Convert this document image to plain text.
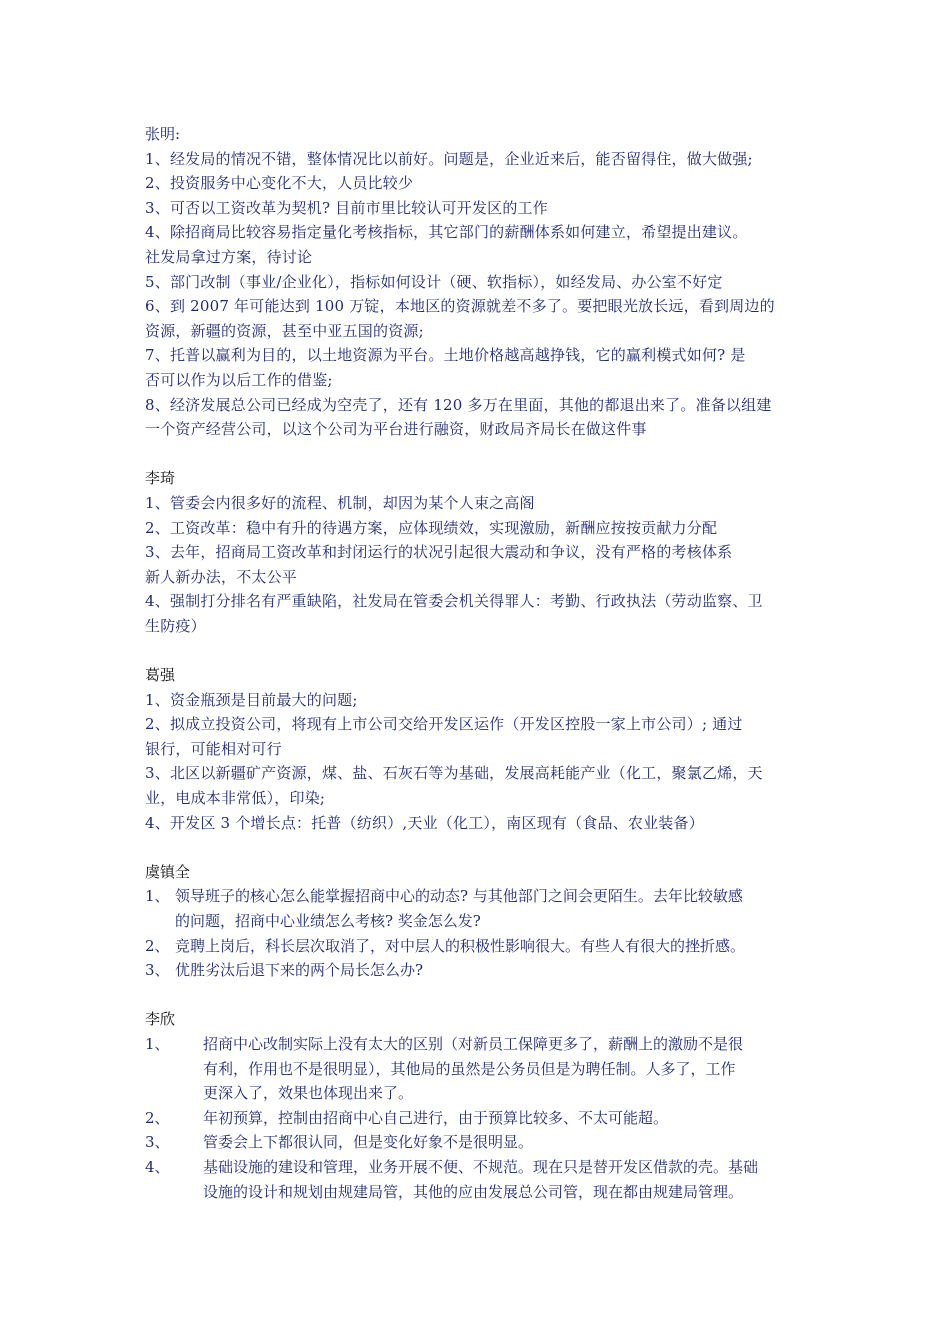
张明:
1、经发局的情况不错，整体情况比以前好。问题是，企业近来后，能否留得住，做大做强;
2、投资服务中心变化不大，人员比较少
3、可否以工资改革为契机? 目前市里比较认可开发区的工作
4、除招商局比较容易指定量化考核指标，其它部门的薪酬体系如何建立，希望提出建议。
社发局拿过方案，待讨论
5、部门改制（事业/企业化），指标如何设计（硬、软指标），如经发局、办公室不好定
6、到 2007 年可能达到 100 万锭，本地区的资源就差不多了。要把眼光放长远，看到周边的
资源，新疆的资源，甚至中亚五国的资源;
7、托普以赢利为目的，以土地资源为平台。土地价格越高越挣钱，它的赢利模式如何? 是
否可以作为以后工作的借鉴;
8、经济发展总公司已经成为空壳了，还有 120 多万在里面，其他的都退出来了。准备以组建
一个资产经营公司，以这个公司为平台进行融资，财政局齐局长在做这件事
李琦
1、管委会内很多好的流程、机制，却因为某个人束之高阁
2、工资改革：稳中有升的待遇方案，应体现绩效，实现激励，新酬应按按贡献力分配
3、去年，招商局工资改革和封闭运行的状况引起很大震动和争议，没有严格的考核体系
新人新办法，不太公平
4、强制打分排名有严重缺陷，社发局在管委会机关得罪人：考勤、行政执法（劳动监察、卫
生防疫）
葛强
1、资金瓶颈是目前最大的问题;
2、拟成立投资公司，将现有上市公司交给开发区运作（开发区控股一家上市公司）; 通过
银行，可能相对可行
3、北区以新疆矿产资源，煤、盐、石灰石等为基础，发展高耗能产业（化工，聚氯乙烯，天
业，电成本非常低），印染;
4、开发区 3 个增长点：托普（纺织）,天业（化工），南区现有（食品、农业装备）
虞镇全
1、 领导班子的核心怎么能掌握招商中心的动态? 与其他部门之间会更陌生。去年比较敏感
的问题，招商中心业绩怎么考核? 奖金怎么发?
2、 竞聘上岗后，科长层次取消了，对中层人的积极性影响很大。有些人有很大的挫折感。
3、 优胜劣汰后退下来的两个局长怎么办?
李欣
1、	招商中心改制实际上没有太大的区别（对新员工保障更多了，薪酬上的激励不是很
有利，作用也不是很明显），其他局的虽然是公务员但是为聘任制。人多了，工作
更深入了，效果也体现出来了。
2、	年初预算，控制由招商中心自己进行，由于预算比较多、不太可能超。
3、	管委会上下都很认同，但是变化好象不是很明显。
4、	基础设施的建设和管理，业务开展不便、不规范。现在只是替开发区借款的壳。基础
设施的设计和规划由规建局管，其他的应由发展总公司管，现在都由规建局管理。
